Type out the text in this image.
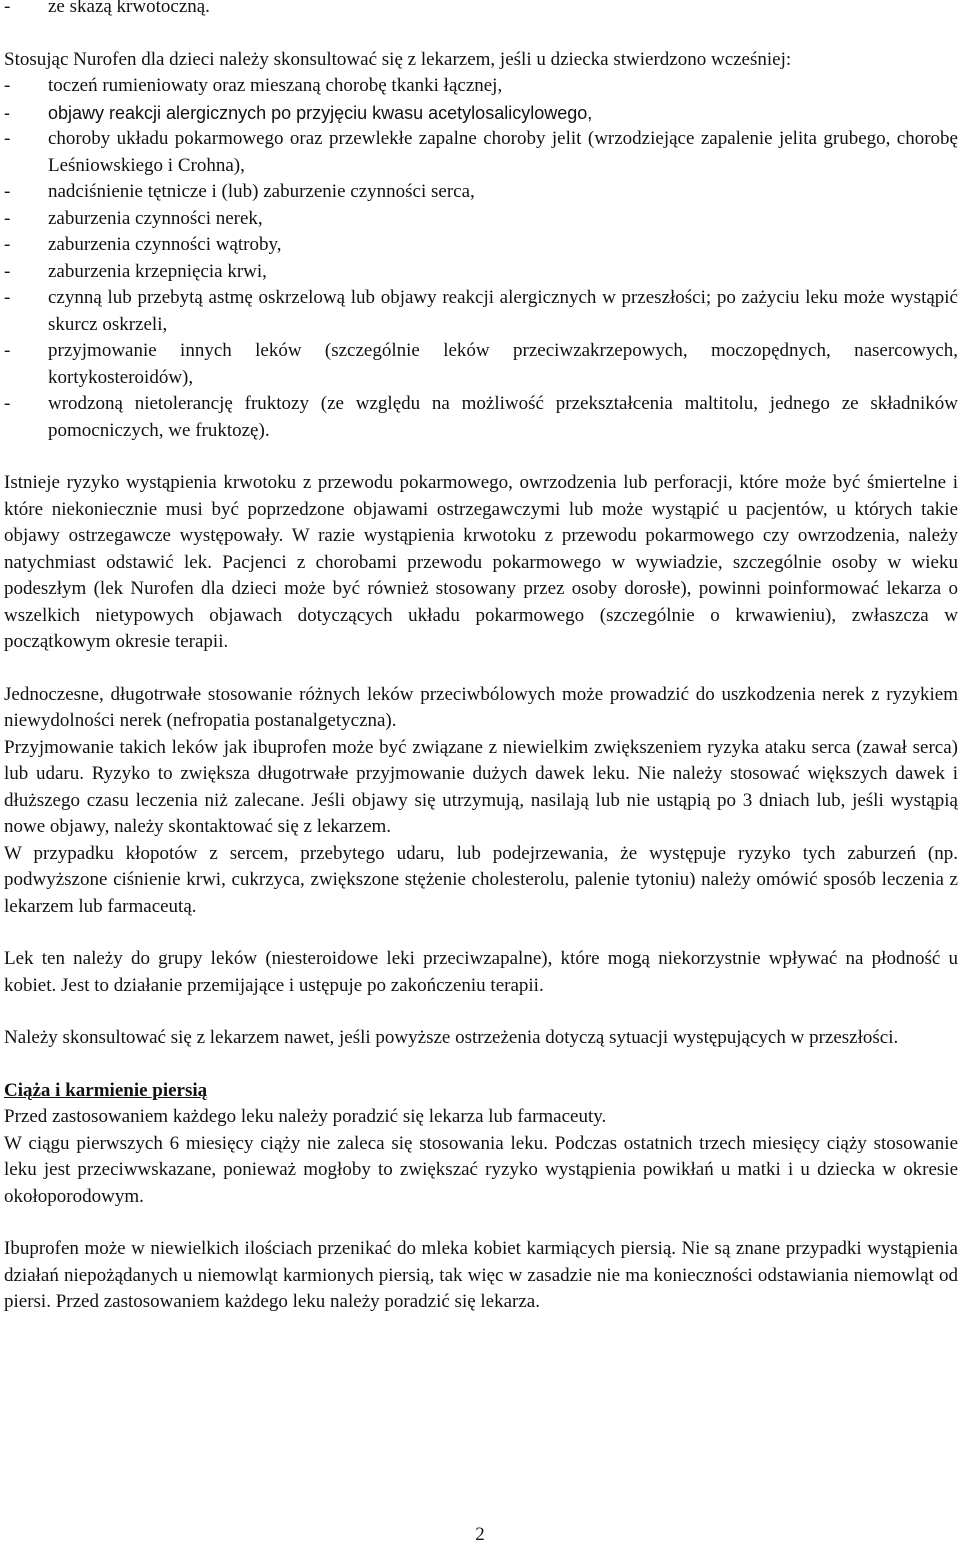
- ze skazą krwotoczną.

Stosując Nurofen dla dzieci należy skonsultować się z lekarzem, jeśli u dziecka stwierdzono wcześniej:

- toczeń rumieniowaty oraz mieszaną chorobę tkanki łącznej,
- objawy reakcji alergicznych po przyjęciu kwasu acetylosalicylowego,
- choroby układu pokarmowego oraz przewlekłe zapalne choroby jelit (wrzodziejące zapalenie jelita grubego, chorobę Leśniowskiego i Crohna),
- nadciśnienie tętnicze i (lub) zaburzenie czynności serca,
- zaburzenia czynności nerek,
- zaburzenia czynności wątroby,
- zaburzenia krzepnięcia krwi,
- czynną lub przebytą astmę oskrzelową lub objawy reakcji alergicznych w przeszłości; po zażyciu leku może wystąpić skurcz oskrzeli,
- przyjmowanie innych leków (szczególnie leków przeciwzakrzepowych, moczopędnych, nasercowych, kortykosteroidów),
- wrodzoną nietolerancję fruktozy (ze względu na możliwość przekształcenia maltitolu, jednego ze składników pomocniczych, we fruktozę).

Istnieje ryzyko wystąpienia krwotoku z przewodu pokarmowego, owrzodzenia lub perforacji, które może być śmiertelne i które niekoniecznie musi być poprzedzone objawami ostrzegawczymi lub może wystąpić u pacjentów, u których takie objawy ostrzegawcze występowały. W razie wystąpienia krwotoku z przewodu pokarmowego czy owrzodzenia, należy natychmiast odstawić lek. Pacjenci z chorobami przewodu pokarmowego w wywiadzie, szczególnie osoby w wieku podeszłym (lek Nurofen dla dzieci może być również stosowany przez osoby dorosłe), powinni poinformować lekarza o wszelkich nietypowych objawach dotyczących układu pokarmowego (szczególnie o krwawieniu), zwłaszcza w początkowym okresie terapii.

Jednoczesne, długotrwałe stosowanie różnych leków przeciwbólowych może prowadzić do uszkodzenia nerek z ryzykiem niewydolności nerek (nefropatia postanalgetyczna).

Przyjmowanie takich leków jak ibuprofen może być związane z niewielkim zwiększeniem ryzyka ataku serca (zawał serca) lub udaru. Ryzyko to zwiększa długotrwałe przyjmowanie dużych dawek leku. Nie należy stosować większych dawek i dłuższego czasu leczenia niż zalecane. Jeśli objawy się utrzymują, nasilają lub nie ustąpią po 3 dniach lub, jeśli wystąpią nowe objawy, należy skontaktować się z lekarzem.

W przypadku kłopotów z sercem, przebytego udaru, lub podejrzewania, że występuje ryzyko tych zaburzeń (np. podwyższone ciśnienie krwi, cukrzyca, zwiększone stężenie cholesterolu, palenie tytoniu) należy omówić sposób leczenia z lekarzem lub farmaceutą.

Lek ten należy do grupy leków (niesteroidowe leki przeciwzapalne), które mogą niekorzystnie wpływać na płodność u kobiet. Jest to działanie przemijające i ustępuje po zakończeniu terapii.

Należy skonsultować się z lekarzem nawet, jeśli powyższe ostrzeżenia dotyczą sytuacji występujących w przeszłości.

Ciąża i karmienie piersią

Przed zastosowaniem każdego leku należy poradzić się lekarza lub farmaceuty.

W ciągu pierwszych 6 miesięcy ciąży nie zaleca się stosowania leku. Podczas ostatnich trzech miesięcy ciąży stosowanie leku jest przeciwwskazane, ponieważ mogłoby to zwiększać ryzyko wystąpienia powikłań u matki i u dziecka w okresie okołoporodowym.

Ibuprofen może w niewielkich ilościach przenikać do mleka kobiet karmiących piersią. Nie są znane przypadki wystąpienia działań niepożądanych u niemowląt karmionych piersią, tak więc w zasadzie nie ma konieczności odstawiania niemowląt od piersi. Przed zastosowaniem każdego leku należy poradzić się lekarza.

2
